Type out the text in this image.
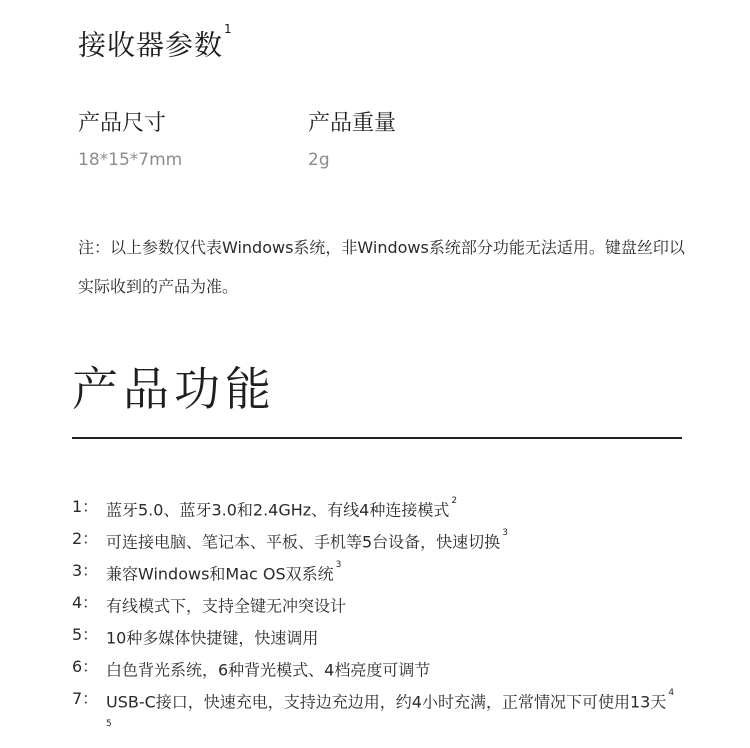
接收器参数$^1$
产品尺寸
18*15*7mm
产品重量
2g
注：以上参数仅代表Windows系统，非Windows系统部分功能无法适用。键盘丝印以实际收到的产品为准。
产品功能
1： 蓝牙5.0、蓝牙3.0和2.4GHz、有线4种连接模式 $^2$
2： 可连接电脑、笔记本、平板、手机等5台设备，快速切换 $^3$
3： 兼容Windows和Mac OS双系统 $^3$
4： 有线模式下，支持全键无冲突设计
5： 10种多媒体快捷键，快速调用
6： 白色背光系统，6种背光模式、4档亮度可调节
7： USB-C接口，快速充电，支持边充边用，约4小时充满，正常情况下可使用13天 $^{4 5}$
